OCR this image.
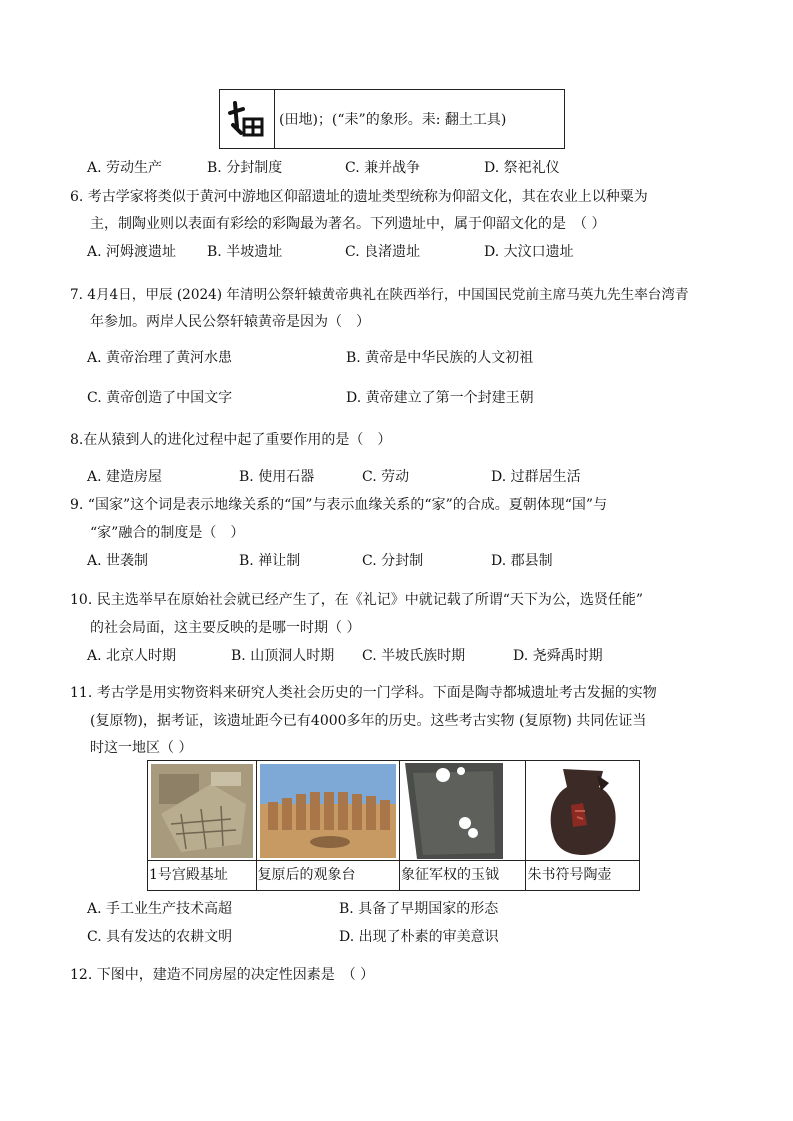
(田地)；(“耒”的象形。耒: 翻土工具)
A. 劳动生产	B. 分封制度	C. 兼并战争	D. 祭祀礼仪
6. 考古学家将类似于黄河中游地区仰韶遗址的遗址类型统称为仰韶文化，其在农业上以种粟为
主，制陶业则以表面有彩绘的彩陶最为著名。下列遗址中，属于仰韶文化的是　（ ）
A. 河姆渡遗址 B. 半坡遗址	C. 良渚遗址	D. 大汶口遗址
7. 4月4日，甲辰 (2024) 年清明公祭轩辕黄帝典礼在陕西举行，中国国民党前主席马英九先生率台湾青
年参加。两岸人民公祭轩辕黄帝是因为（　）
A. 黄帝治理了黄河水患	B. 黄帝是中华民族的人文初祖
C. 黄帝创造了中国文字	D. 黄帝建立了第一个封建王朝
8.在从猿到人的进化过程中起了重要作用的是（　）
A. 建造房屋	B. 使用石器	C. 劳动	D. 过群居生活
9. “国家”这个词是表示地缘关系的“国”与表示血缘关系的“家”的合成。夏朝体现“国”与
“家”融合的制度是（　）
A. 世袭制	B. 禅让制	C. 分封制	D. 郡县制
10. 民主选举早在原始社会就已经产生了，在《礼记》中就记载了所谓“天下为公，选贤任能”
的社会局面，这主要反映的是哪一时期（ ）
A. 北京人时期	B. 山顶洞人时期 C. 半坡氏族时期	D. 尧舜禹时期
11. 考古学是用实物资料来研究人类社会历史的一门学科。下面是陶寺都城遗址考古发掘的实物
(复原物)，据考证，该遗址距今已有4000多年的历史。这些考古实物 (复原物) 共同佐证当
时这一地区（ ）
1号宫殿基址	复原后的观象台	象征军权的玉钺	朱书符号陶壶
A. 手工业生产技术高超	B. 具备了早期国家的形态
C. 具有发达的农耕文明	D. 出现了朴素的审美意识
12. 下图中，建造不同房屋的决定性因素是　（ ）
